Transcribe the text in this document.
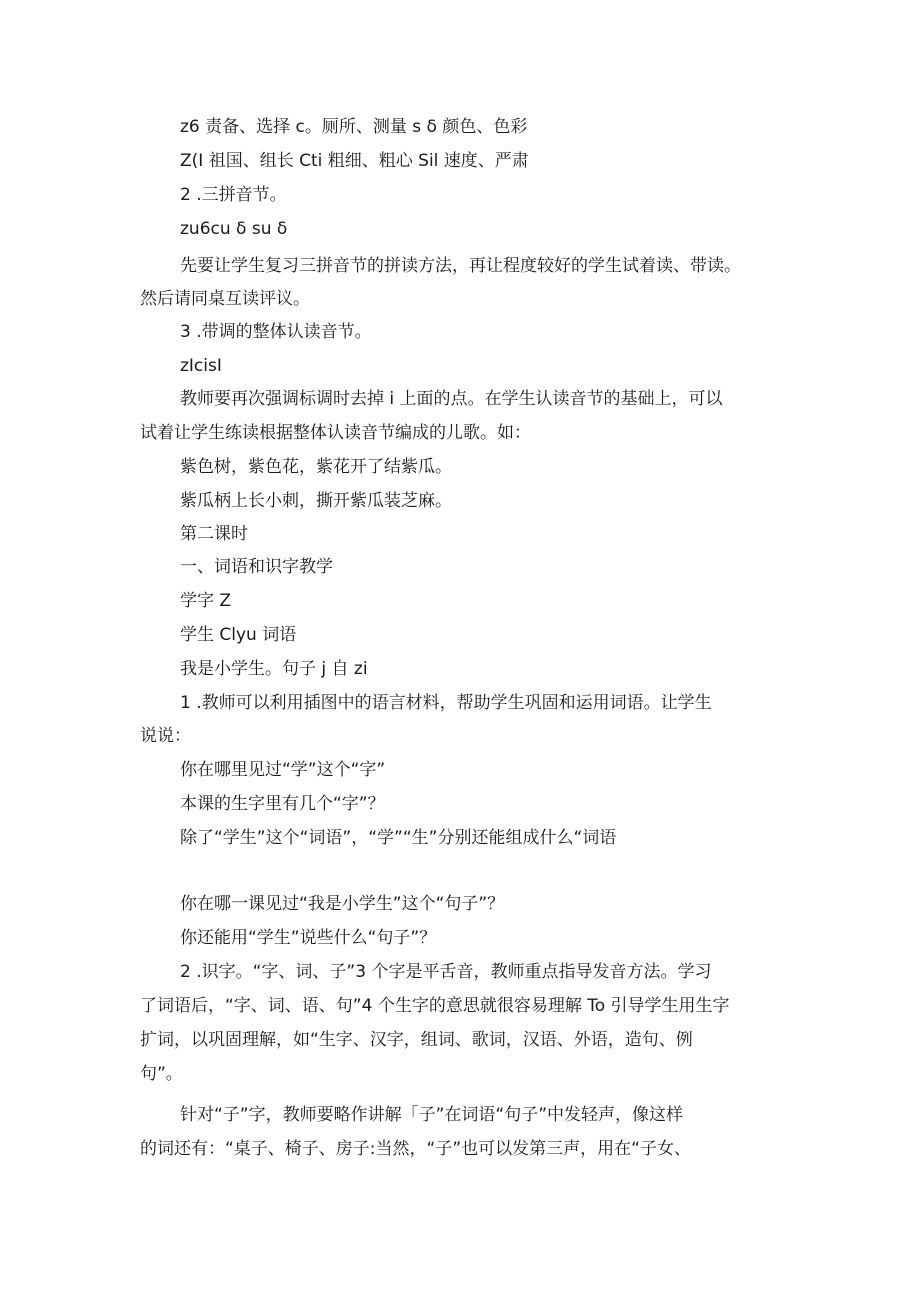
z6 责备、选择 c。厕所、测量 s δ 颜色、色彩
Z(I 祖国、组长 Cti 粗细、粗心 Sil 速度、严肃
2 .三拼音节。
zu6cu δ su δ
先要让学生复习三拼音节的拼读方法，再让程度较好的学生试着读、带读。
然后请同桌互读评议。
3 .带调的整体认读音节。
zIcisI
教师要再次强调标调时去掉 i 上面的点。在学生认读音节的基础上，可以
试着让学生练读根据整体认读音节编成的儿歌。如：
紫色树，紫色花，紫花开了结紫瓜。
紫瓜柄上长小刺，撕开紫瓜装芝麻。
第二课时
一、词语和识字教学
学字 Z
学生 Clyu 词语
我是小学生。句子 j 自 zi
1 .教师可以利用插图中的语言材料，帮助学生巩固和运用词语。让学生
说说：
你在哪里见过“学”这个“字”
本课的生字里有几个“字”？
除了“学生”这个“词语”，“学”“生”分别还能组成什么“词语
你在哪一课见过“我是小学生”这个“句子”？
你还能用“学生”说些什么“句子”？
2 .识字。“字、词、子”3 个字是平舌音，教师重点指导发音方法。学习
了词语后，“字、词、语、句”4 个生字的意思就很容易理解 To 引导学生用生字
扩词，以巩固理解，如“生字、汉字，组词、歌词，汉语、外语，造句、例
句”。
针对“子”字，教师要略作讲解「子”在词语“句子”中发轻声，像这样
的词还有：“桌子、椅子、房子:当然，“子”也可以发第三声，用在“子女、
